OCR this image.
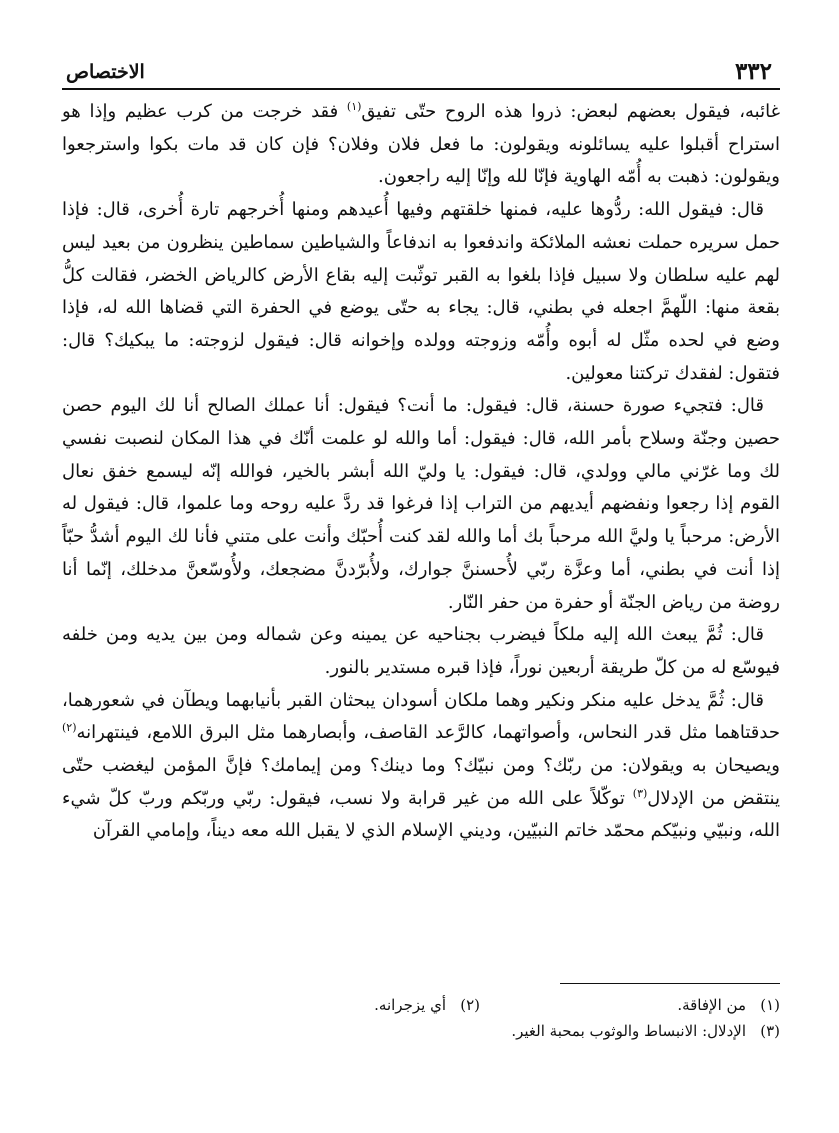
٣٣٢
الاختصاص

غائبه، فيقول بعضهم لبعض: ذروا هذه الروح حتّى تفيق$^{(١)}$ فقد خرجت من كرب عظيم وإذا هو استراح أقبلوا عليه يسائلونه ويقولون: ما فعل فلان وفلان؟ فإن كان قد مات بكوا واسترجعوا ويقولون: ذهبت به أُمّه الهاوية فإنّا لله وإنّا إليه راجعون.

قال: فيقول الله: ردُّوها عليه، فمنها خلقتهم وفيها أُعيدهم ومنها أُخرجهم تارة أُخرى، قال: فإذا حمل سريره حملت نعشه الملائكة واندفعوا به اندفاعاً والشياطين سماطين ينظرون من بعيد ليس لهم عليه سلطان ولا سبيل فإذا بلغوا به القبر توثّبت إليه بقاع الأرض كالرياض الخضر، فقالت كلُّ بقعة منها: اللّهمَّ اجعله في بطني، قال: يجاء به حتّى يوضع في الحفرة التي قضاها الله له، فإذا وضع في لحده مثّل له أبوه وأُمّه وزوجته وولده وإخوانه قال: فيقول لزوجته: ما يبكيك؟ قال: فتقول: لفقدك تركتنا معولين.

قال: فتجيء صورة حسنة، قال: فيقول: ما أنت؟ فيقول: أنا عملك الصالح أنا لك اليوم حصن حصين وجنّة وسلاح بأمر الله، قال: فيقول: أما والله لو علمت أنّك في هذا المكان لنصبت نفسي لك وما غرّني مالي وولدي، قال: فيقول: يا وليّ الله أبشر بالخير، فوالله إنّه ليسمع خفق نعال القوم إذا رجعوا ونفضهم أيديهم من التراب إذا فرغوا قد ردَّ عليه روحه وما علموا، قال: فيقول له الأرض: مرحباً يا وليَّ الله مرحباً بك أما والله لقد كنت أُحبّك وأنت على متني فأنا لك اليوم أشدُّ حبّاً إذا أنت في بطني، أما وعزَّة ربّي لأُحسننَّ جوارك، ولأُبرّدنَّ مضجعك، ولأُوسّعنَّ مدخلك، إنّما أنا روضة من رياض الجنّة أو حفرة من حفر النّار.

قال: ثُمَّ يبعث الله إليه ملكاً فيضرب بجناحيه عن يمينه وعن شماله ومن بين يديه ومن خلفه فيوسّع له من كلّ طريقة أربعين نوراً، فإذا قبره مستدير بالنور.

قال: ثُمَّ يدخل عليه منكر ونكير وهما ملكان أسودان يبحثان القبر بأنيابهما ويطآن في شعورهما، حدقتاهما مثل قدر النحاس، وأصواتهما، كالرَّعد القاصف، وأبصارهما مثل البرق اللامع، فينتهرانه$^{(٢)}$ ويصيحان به ويقولان: من ربّك؟ ومن نبيّك؟ وما دينك؟ ومن إيمامك؟ فإنَّ المؤمن ليغضب حتّى ينتقض من الإدلال$^{(٣)}$ توكّلاً على الله من غير قرابة ولا نسب، فيقول: ربّي وربّكم وربّ كلّ شيء الله، ونبيّي ونبيّكم محمّد خاتم النبيّين، وديني الإسلام الذي لا يقبل الله معه ديناً، وإمامي القرآن

(١)من الإفاقة.

(٢)أي يزجرانه.

(٣)الإدلال: الانبساط والوثوب بمحبة الغير.
